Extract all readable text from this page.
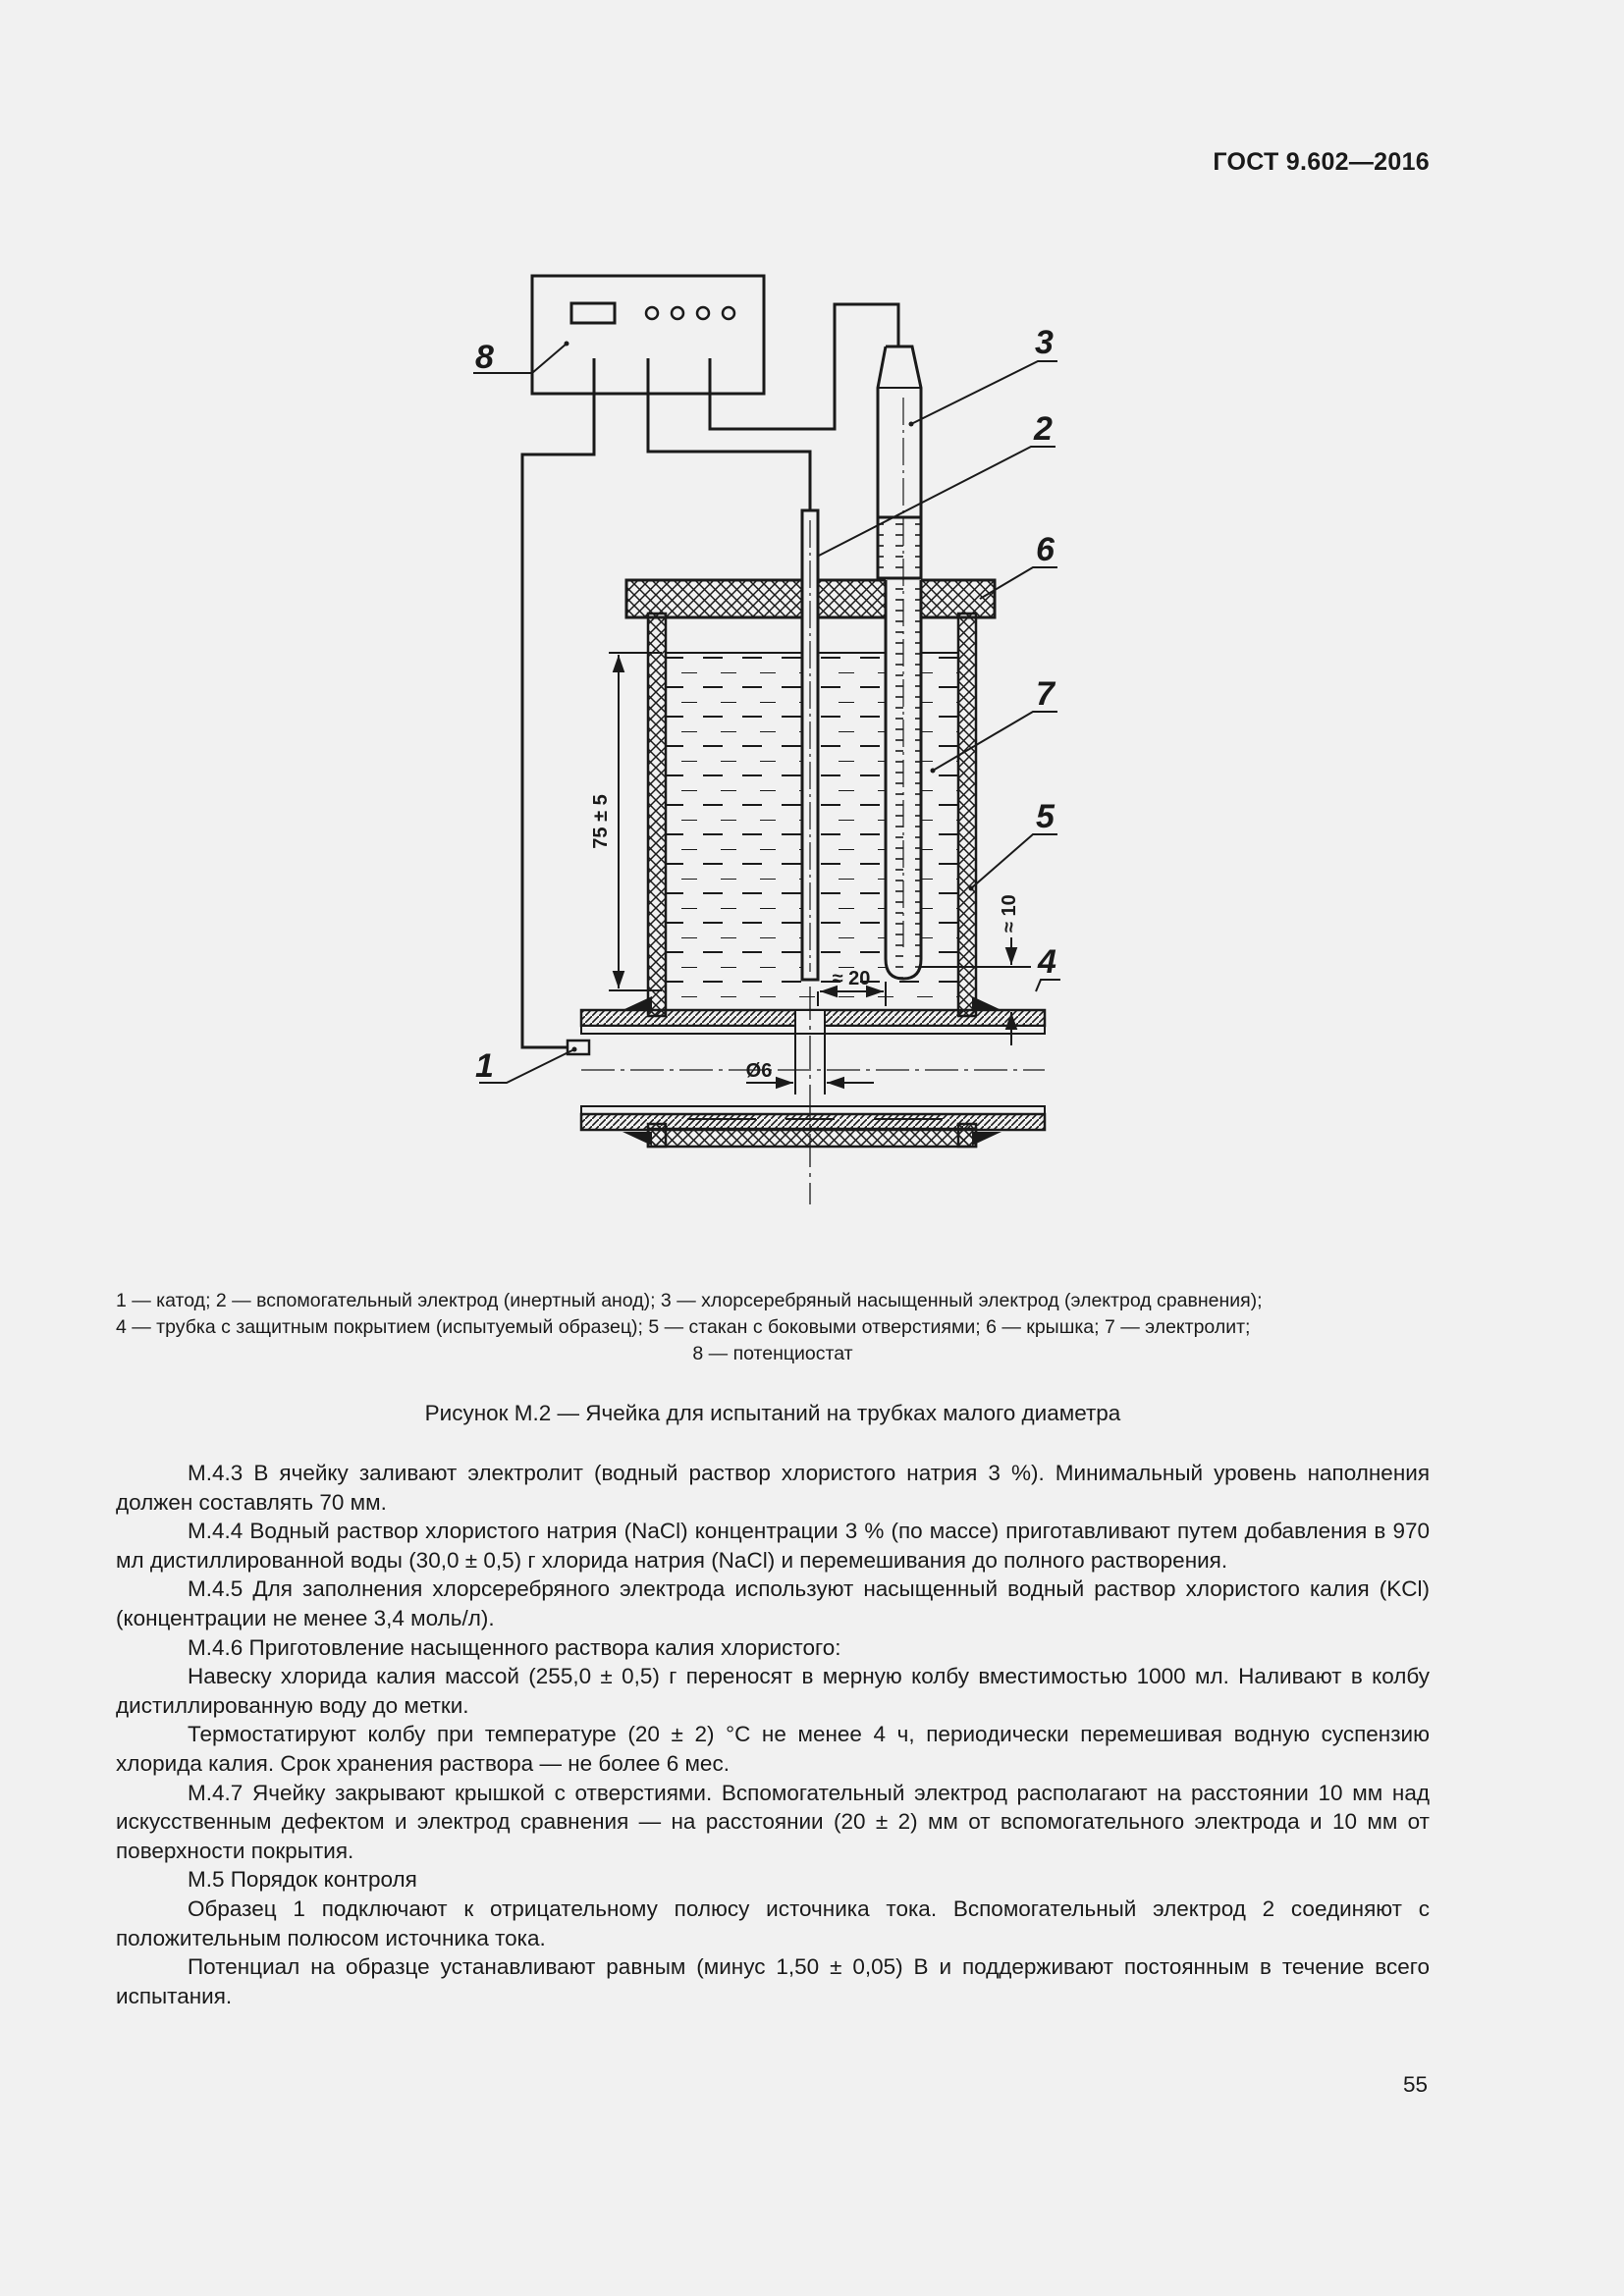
ГОСТ 9.602—2016
75 ± 5
≈ 10
≈ 20
Ø6
8	3
2
6
7
5
4
1
1 — катод; 2 — вспомогательный электрод (инертный анод); 3 — хлорсеребряный насыщенный электрод (электрод сравнения);
4 — трубка с защитным покрытием (испытуемый образец); 5 — стакан с боковыми отверстиями; 6 — крышка; 7 — электролит;
8 — потенциостат
Рисунок М.2 — Ячейка для испытаний на трубках малого диаметра

М.4.3 В ячейку заливают электролит (водный раствор хлористого натрия 3 %). Минимальный уровень наполнения должен составлять 70 мм.

М.4.4 Водный раствор хлористого натрия (NaCl) концентрации 3 % (по массе) приготавливают путем добавления в 970 мл дистиллированной воды (30,0 ± 0,5) г хлорида натрия (NaCl) и перемешивания до полного растворения.

М.4.5 Для заполнения хлорсеребряного электрода используют насыщенный водный раствор хлористого калия (KCl) (концентрации не менее 3,4 моль/л).

М.4.6 Приготовление насыщенного раствора калия хлористого:

Навеску хлорида калия массой (255,0 ± 0,5) г переносят в мерную колбу вместимостью 1000 мл. Наливают в колбу дистиллированную воду до метки.

Термостатируют колбу при температуре (20 ± 2) °С не менее 4 ч, периодически перемешивая водную суспензию хлорида калия. Срок хранения раствора — не более 6 мес.

М.4.7 Ячейку закрывают крышкой с отверстиями. Вспомогательный электрод располагают на расстоянии 10 мм над искусственным дефектом и электрод сравнения — на расстоянии (20 ± 2) мм от вспомогательного электрода и 10 мм от поверхности покрытия.

М.5 Порядок контроля

Образец 1 подключают к отрицательному полюсу источника тока. Вспомогательный электрод 2 соединяют с положительным полюсом источника тока.

Потенциал на образце устанавливают равным (минус 1,50 ± 0,05) В и поддерживают постоянным в течение всего испытания.

55
